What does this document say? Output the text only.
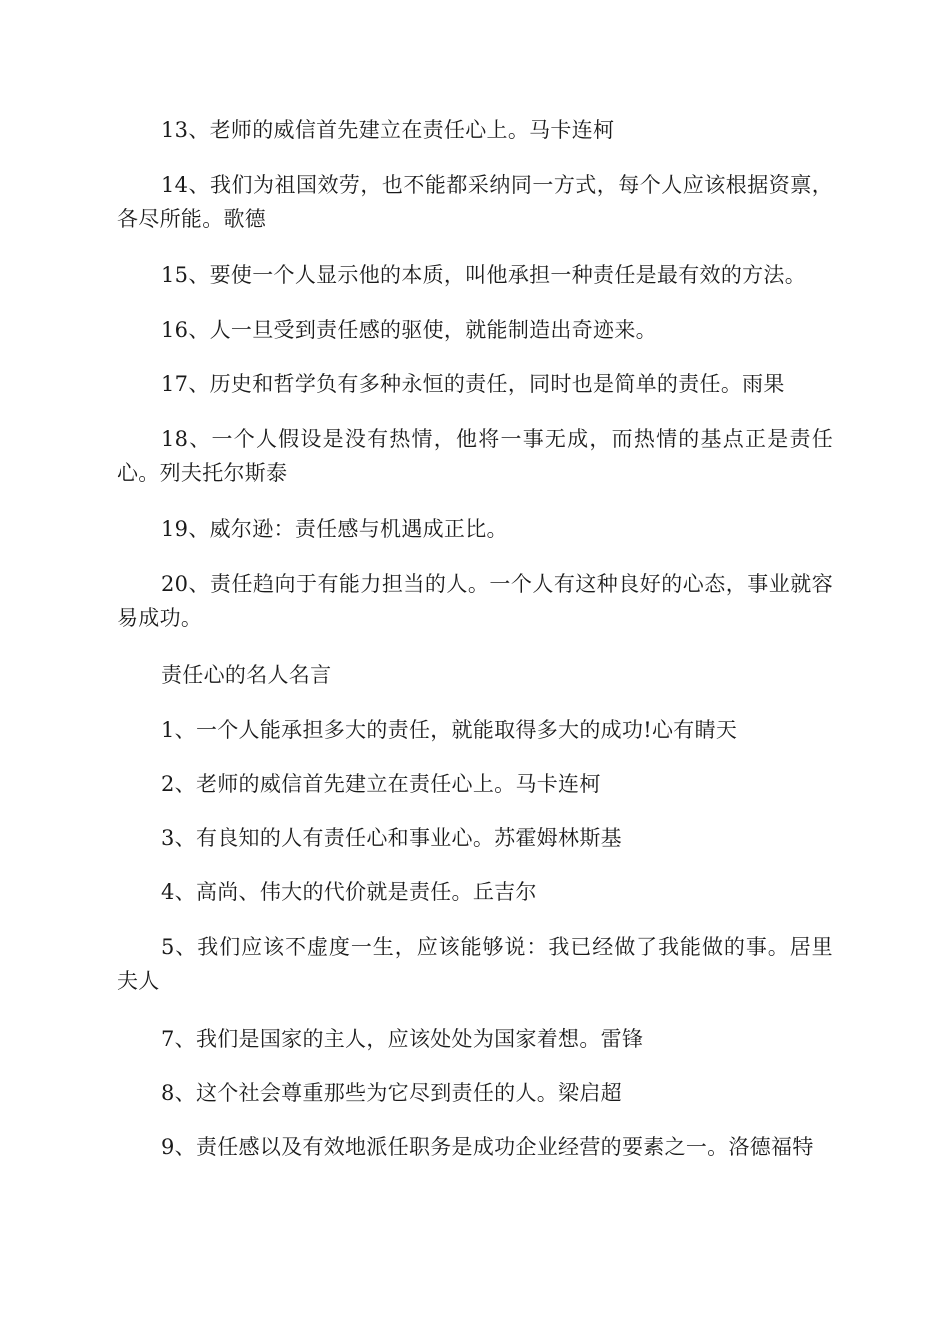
13、老师的威信首先建立在责任心上。马卡连柯

14、我们为祖国效劳，也不能都采纳同一方式，每个人应该根据资禀，各尽所能。歌德

15、要使一个人显示他的本质，叫他承担一种责任是最有效的方法。

16、人一旦受到责任感的驱使，就能制造出奇迹来。

17、历史和哲学负有多种永恒的责任，同时也是简单的责任。雨果

18、一个人假设是没有热情，他将一事无成，而热情的基点正是责任心。列夫托尔斯泰

19、威尔逊：责任感与机遇成正比。

20、责任趋向于有能力担当的人。一个人有这种良好的心态，事业就容易成功。

责任心的名人名言

1、一个人能承担多大的责任，就能取得多大的成功!心有睛天

2、老师的威信首先建立在责任心上。马卡连柯

3、有良知的人有责任心和事业心。苏霍姆林斯基

4、高尚、伟大的代价就是责任。丘吉尔

5、我们应该不虚度一生，应该能够说：我已经做了我能做的事。居里夫人

7、我们是国家的主人，应该处处为国家着想。雷锋

8、这个社会尊重那些为它尽到责任的人。梁启超

9、责任感以及有效地派任职务是成功企业经营的要素之一。洛德福特
